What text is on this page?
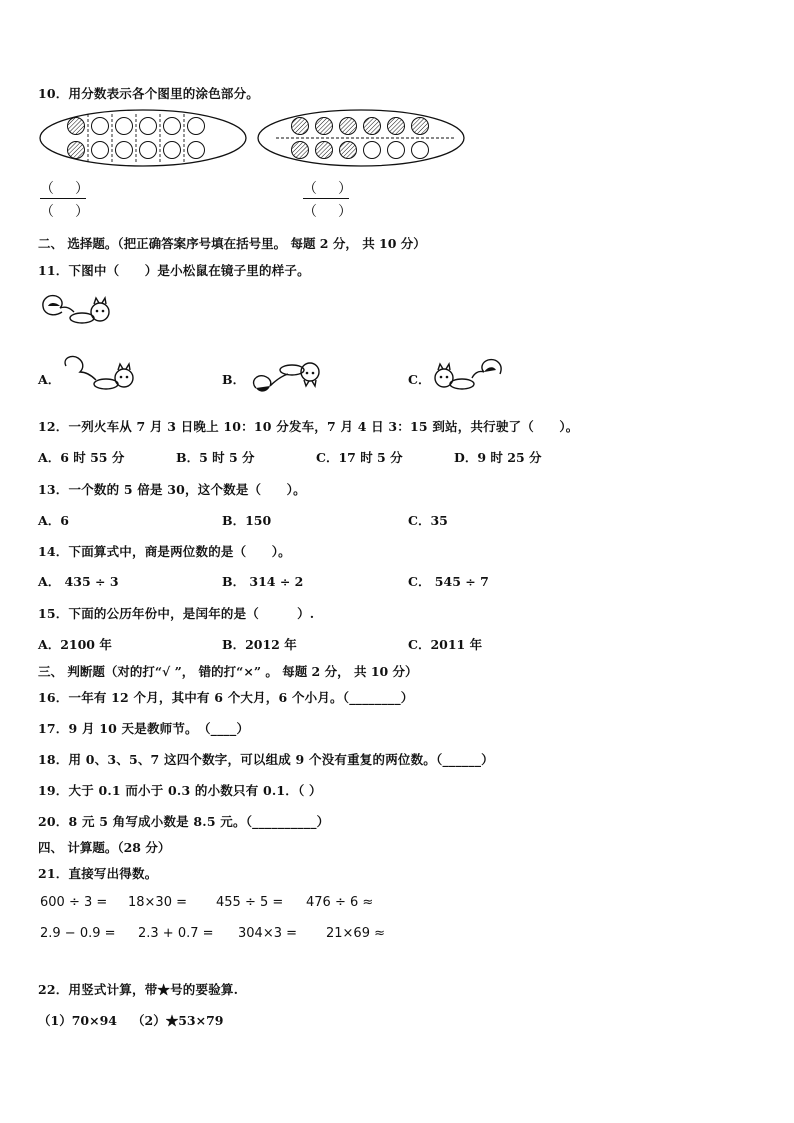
10．用分数表示各个图里的涂色部分。
（   ）
（   ）
（   ）
（   ）
二、 选择题。（把正确答案序号填在括号里。 每题 2 分， 共 10 分）
11．下图中（　　）是小松鼠在镜子里的样子。
A．	B．	C．
12．一列火车从 7 月 3 日晚上 10：10 分发车，7 月 4 日 3：15 到站，共行驶了（　　）。
A．6 时 55 分	B．5 时 5 分	C．17 时 5 分	D．9 时 25 分
13．一个数的 5 倍是 30，这个数是（　　）。
A．6	B．150	C．35
14．下面算式中，商是两位数的是（　　）。
A． 435 ÷ 3	B． 314 ÷ 2	C． 545 ÷ 7
15．下面的公历年份中，是闰年的是（　　　）.
A．2100 年	B．2012 年	C．2011 年
三、 判断题（对的打“√ ”， 错的打“×” 。 每题 2 分， 共 10 分）
16．一年有 12 个月，其中有 6 个大月，6 个小月。（________）
17．9 月 10 天是教师节。　（____）
18．用 0、3、5、7 这四个数字，可以组成 9 个没有重复的两位数。（______）
19．大于 0.1 而小于 0.3 的小数只有 0.1．（ ）
20．8 元 5 角写成小数是 8.5 元。（__________）
四、 计算题。（28 分）
21．直接写出得数。
600 ÷ 3 = 18×30 = 455 ÷ 5 = 476 ÷ 6 ≈
2.9 − 0.9 = 2.3 + 0.7 = 304×3 = 21×69 ≈
22．用竖式计算，带★号的要验算.
（1）70×94 （2）★53×79
